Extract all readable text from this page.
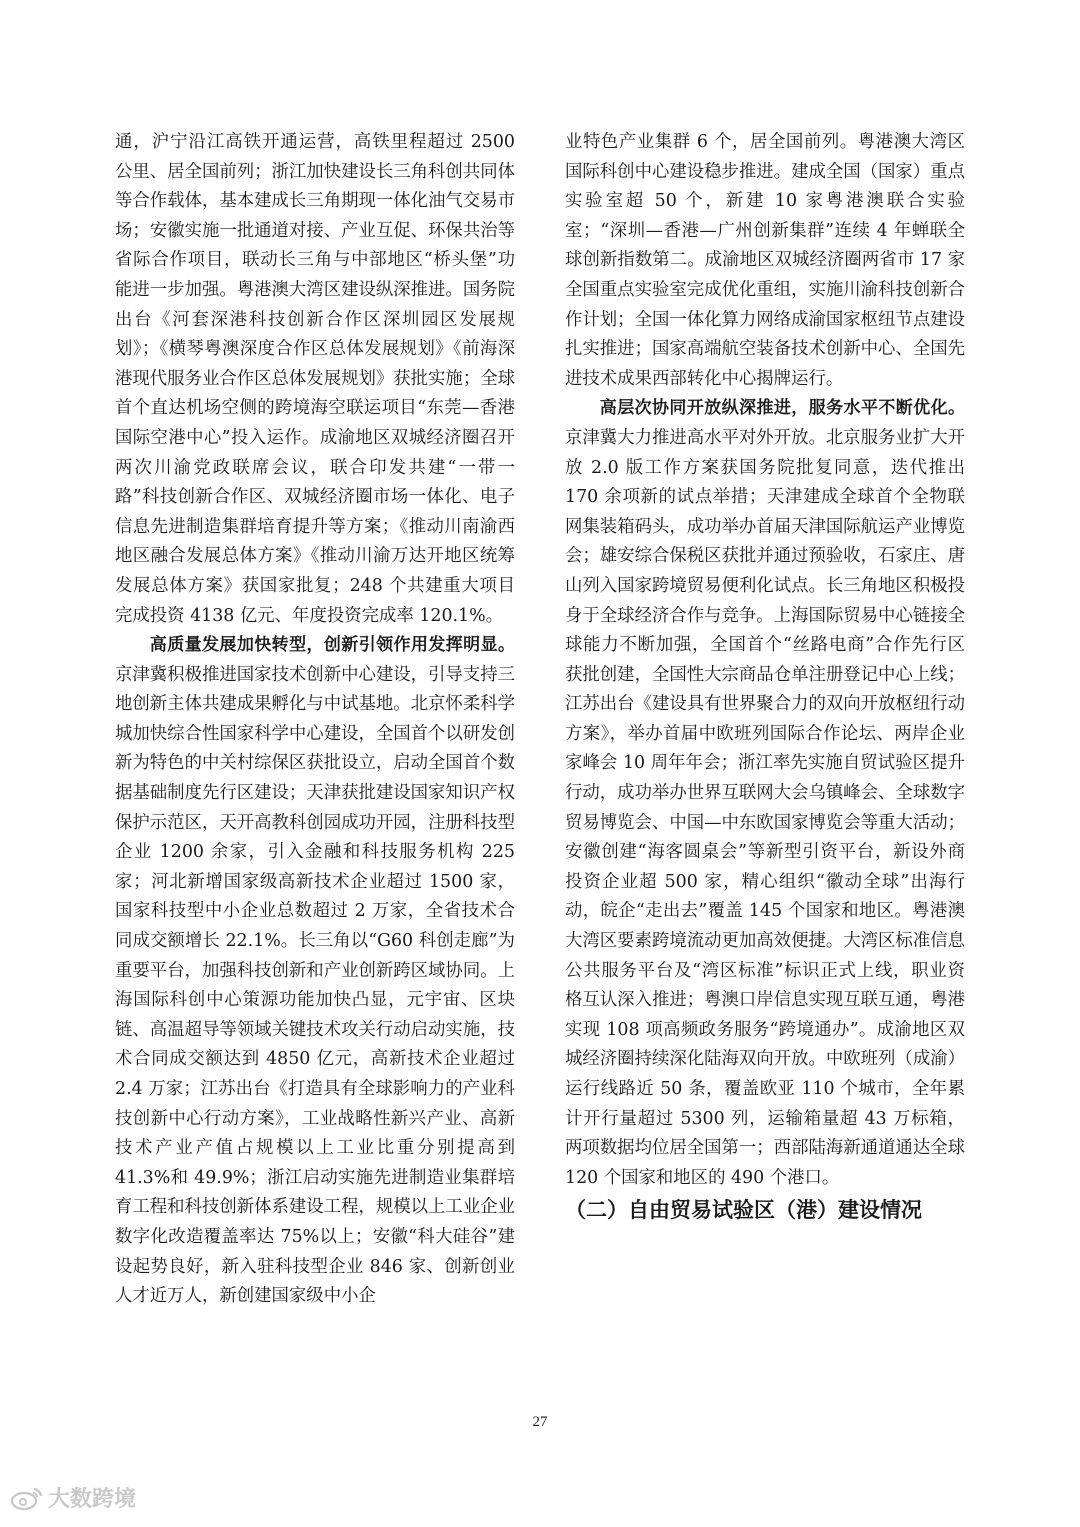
通，沪宁沿江高铁开通运营，高铁里程超过 2500 公里、居全国前列；浙江加快建设长三角科创共同体等合作载体，基本建成长三角期现一体化油气交易市场；安徽实施一批通道对接、产业互促、环保共治等省际合作项目，联动长三角与中部地区“桥头堡”功能进一步加强。粤港澳大湾区建设纵深推进。国务院出台《河套深港科技创新合作区深圳园区发展规划》；《横琴粤澳深度合作区总体发展规划》《前海深港现代服务业合作区总体发展规划》获批实施；全球首个直达机场空侧的跨境海空联运项目“东莞—香港国际空港中心”投入运作。成渝地区双城经济圈召开两次川渝党政联席会议，联合印发共建“一带一路”科技创新合作区、双城经济圈市场一体化、电子信息先进制造集群培育提升等方案；《推动川南渝西地区融合发展总体方案》《推动川渝万达开地区统筹发展总体方案》获国家批复；248 个共建重大项目完成投资 4138 亿元、年度投资完成率 120.1%。

高质量发展加快转型，创新引领作用发挥明显。京津冀积极推进国家技术创新中心建设，引导支持三地创新主体共建成果孵化与中试基地。北京怀柔科学城加快综合性国家科学中心建设，全国首个以研发创新为特色的中关村综保区获批设立，启动全国首个数据基础制度先行区建设；天津获批建设国家知识产权保护示范区，天开高教科创园成功开园，注册科技型企业 1200 余家，引入金融和科技服务机构 225 家；河北新增国家级高新技术企业超过 1500 家，国家科技型中小企业总数超过 2 万家，全省技术合同成交额增长 22.1%。长三角以“G60 科创走廊”为重要平台，加强科技创新和产业创新跨区域协同。上海国际科创中心策源功能加快凸显，元宇宙、区块链、高温超导等领域关键技术攻关行动启动实施，技术合同成交额达到 4850 亿元，高新技术企业超过 2.4 万家；江苏出台《打造具有全球影响力的产业科技创新中心行动方案》，工业战略性新兴产业、高新技术产业产值占规模以上工业比重分别提高到 41.3%和 49.9%；浙江启动实施先进制造业集群培育工程和科技创新体系建设工程，规模以上工业企业数字化改造覆盖率达 75%以上；安徽“科大硅谷”建设起势良好，新入驻科技型企业 846 家、创新创业人才近万人，新创建国家级中小企

业特色产业集群 6 个，居全国前列。粤港澳大湾区国际科创中心建设稳步推进。建成全国（国家）重点实验室超 50 个，新建 10 家粤港澳联合实验室；“深圳—香港—广州创新集群”连续 4 年蝉联全球创新指数第二。成渝地区双城经济圈两省市 17 家全国重点实验室完成优化重组，实施川渝科技创新合作计划；全国一体化算力网络成渝国家枢纽节点建设扎实推进；国家高端航空装备技术创新中心、全国先进技术成果西部转化中心揭牌运行。

高层次协同开放纵深推进，服务水平不断优化。京津冀大力推进高水平对外开放。北京服务业扩大开放 2.0 版工作方案获国务院批复同意，迭代推出 170 余项新的试点举措；天津建成全球首个全物联网集装箱码头，成功举办首届天津国际航运产业博览会；雄安综合保税区获批并通过预验收，石家庄、唐山列入国家跨境贸易便利化试点。长三角地区积极投身于全球经济合作与竞争。上海国际贸易中心链接全球能力不断加强，全国首个“丝路电商”合作先行区获批创建，全国性大宗商品仓单注册登记中心上线；江苏出台《建设具有世界聚合力的双向开放枢纽行动方案》，举办首届中欧班列国际合作论坛、两岸企业家峰会 10 周年年会；浙江率先实施自贸试验区提升行动，成功举办世界互联网大会乌镇峰会、全球数字贸易博览会、中国—中东欧国家博览会等重大活动；安徽创建“海客圆桌会”等新型引资平台，新设外商投资企业超 500 家，精心组织“徽动全球”出海行动，皖企“走出去”覆盖 145 个国家和地区。粤港澳大湾区要素跨境流动更加高效便捷。大湾区标准信息公共服务平台及“湾区标准”标识正式上线，职业资格互认深入推进；粤澳口岸信息实现互联互通，粤港实现 108 项高频政务服务“跨境通办”。成渝地区双城经济圈持续深化陆海双向开放。中欧班列（成渝）运行线路近 50 条，覆盖欧亚 110 个城市，全年累计开行量超过 5300 列，运输箱量超 43 万标箱，两项数据均位居全国第一；西部陆海新通道通达全球 120 个国家和地区的 490 个港口。

（二）自由贸易试验区（港）建设情况

27
大数跨境
